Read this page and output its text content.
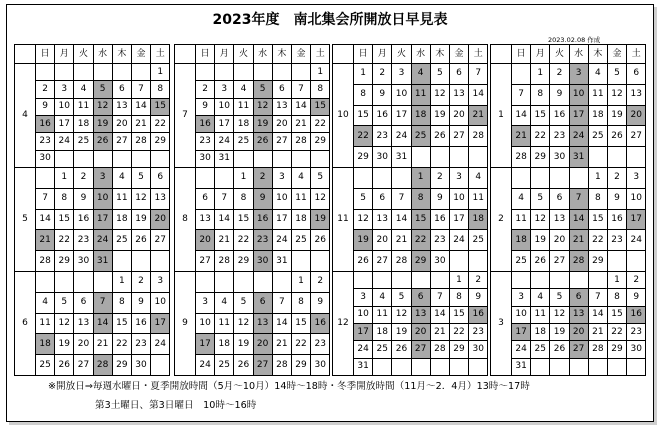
2023年度　南北集会所開放日早見表
2023.02.08 作成
	日	月	火	水	木	金	土
4							1
	2	3	4	5	6	7	8
	9	10	11	12	13	14	15
	16	17	18	19	20	21	22
	23	24	25	26	27	28	29
	30						
5		1	2	3	4	5	6
	7	8	9	10	11	12	13
	14	15	16	17	18	19	20
	21	22	23	24	25	26	27
	28	29	30	31			
6					1	2	3
	4	5	6	7	8	9	10
	11	12	13	14	15	16	17
	18	19	20	21	22	23	24
	25	26	27	28	29	30	
	日	月	火	水	木	金	土
7							1
	2	3	4	5	6	7	8
	9	10	11	12	13	14	15
	16	17	18	19	20	21	22
	23	24	25	26	27	28	29
	30	31					
8			1	2	3	4	5
	6	7	8	9	10	11	12
	13	14	15	16	17	18	19
	20	21	22	23	24	25	26
	27	28	29	30	31		
9						1	2
	3	4	5	6	7	8	9
	10	11	12	13	14	15	16
	17	18	19	20	21	22	23
	24	25	26	27	28	29	30
	日	月	火	水	木	金	土
10	1	2	3	4	5	6	7
	8	9	10	11	12	13	14
	15	16	17	18	19	20	21
	22	23	24	25	26	27	28
	29	30	31				
11				1	2	3	4
	5	6	7	8	9	10	11
	12	13	14	15	16	17	18
	19	20	21	22	23	24	25
	26	27	28	29	30		
12						1	2
	3	4	5	6	7	8	9
	10	11	12	13	14	15	16
	17	18	19	20	21	22	23
	24	25	26	27	28	29	30
	31						
	日	月	火	水	木	金	土
1		1	2	3	4	5	6
	7	8	9	10	11	12	13
	14	15	16	17	18	19	20
	21	22	23	24	25	26	27
	28	29	30	31			
2					1	2	3
	4	5	6	7	8	9	10
	11	12	13	14	15	16	17
	18	19	20	21	22	23	24
	25	26	27	28	29		
3						1	2
	3	4	5	6	7	8	9
	10	11	12	13	14	15	16
	17	18	19	20	21	22	23
	24	25	26	27	28	29	30
	31						
※開放日⇒毎週水曜日・夏季開放時間（5月～10月）14時～18時・冬季開放時間（11月～2．4月）13時～17時
第3土曜日、第3日曜日　10時～16時
